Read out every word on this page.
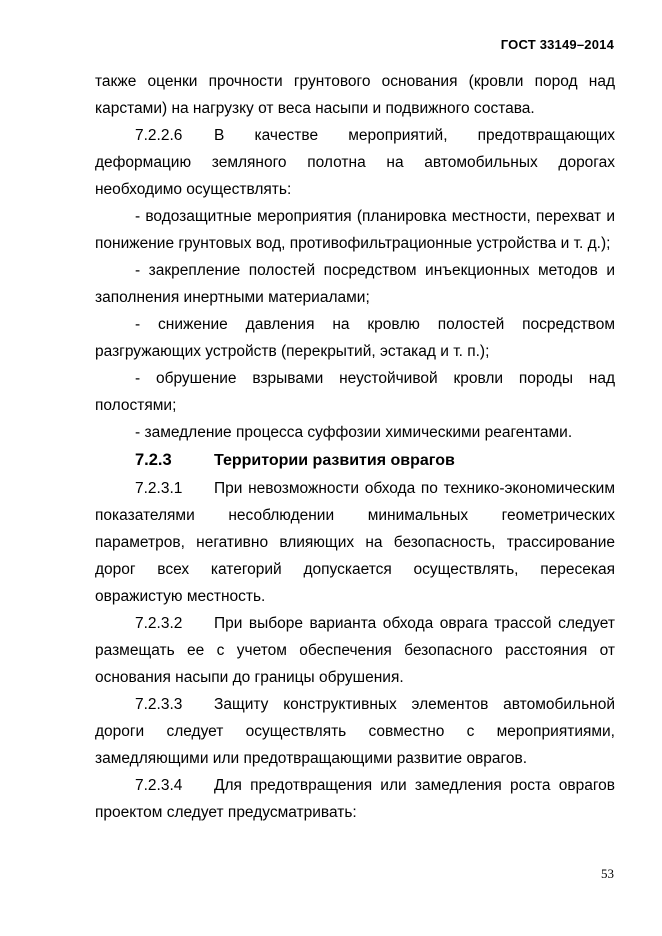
ГОСТ 33149–2014

также оценки прочности грунтового основания (кровли пород над карстами) на нагрузку от веса насыпи и подвижного состава.

7.2.2.6 В качестве мероприятий, предотвращающих деформацию земляного полотна на автомобильных дорогах необходимо осуществлять:

- водозащитные мероприятия (планировка местности, перехват и понижение грунтовых вод, противофильтрационные устройства и т. д.);

- закрепление полостей посредством инъекционных методов и заполнения инертными материалами;

- снижение давления на кровлю полостей посредством разгружающих устройств (перекрытий, эстакад и т. п.);

- обрушение взрывами неустойчивой кровли породы над полостями;

- замедление процесса суффозии химическими реагентами.

7.2.3	Территории развития оврагов

7.2.3.1 При невозможности обхода по технико-экономическим показателями несоблюдении минимальных геометрических параметров, негативно влияющих на безопасность, трассирование дорог всех категорий допускается осуществлять, пересекая овражистую местность.

7.2.3.2 При выборе варианта обхода оврага трассой следует размещать ее с учетом обеспечения безопасного расстояния от основания насыпи до границы обрушения.

7.2.3.3 Защиту конструктивных элементов автомобильной дороги следует осуществлять совместно с мероприятиями, замедляющими или предотвращающими развитие оврагов.

7.2.3.4 Для предотвращения или замедления роста оврагов проектом следует предусматривать:

53
